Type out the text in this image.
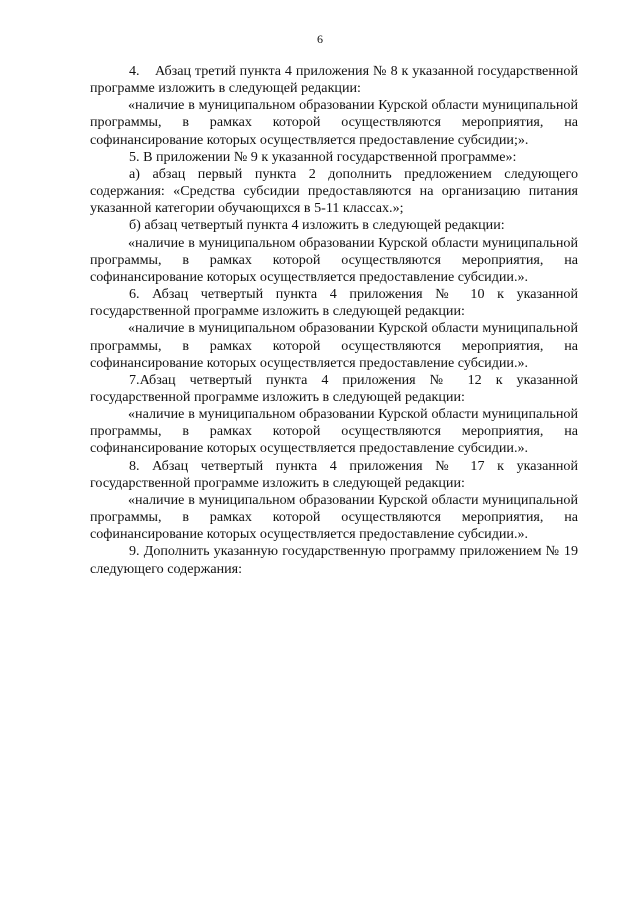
6

4.    Абзац третий пункта 4 приложения № 8 к указанной государственной программе изложить в следующей редакции:

«наличие в муниципальном образовании Курской области муниципальной программы, в рамках которой осуществляются мероприятия, на софинансирование которых осуществляется предоставление субсидии;».

5. В приложении № 9 к указанной государственной программе»:

а) абзац первый пункта 2 дополнить предложением следующего содержания: «Средства субсидии предоставляются на организацию питания указанной категории обучающихся в 5-11 классах.»;

б) абзац четвертый пункта 4 изложить в следующей редакции:

«наличие в муниципальном образовании Курской области муниципальной программы, в рамках которой осуществляются мероприятия, на софинансирование которых осуществляется предоставление субсидии.».

6. Абзац четвертый пункта 4 приложения № 10 к указанной государственной программе изложить в следующей редакции:

«наличие в муниципальном образовании Курской области муниципальной программы, в рамках которой осуществляются мероприятия, на софинансирование которых осуществляется предоставление субсидии.».

7.Абзац четвертый пункта 4 приложения № 12 к указанной государственной программе изложить в следующей редакции:

«наличие в муниципальном образовании Курской области муниципальной программы, в рамках которой осуществляются мероприятия, на софинансирование которых осуществляется предоставление субсидии.».

8. Абзац четвертый пункта 4 приложения № 17 к указанной государственной программе изложить в следующей редакции:

«наличие в муниципальном образовании Курской области муниципальной программы, в рамках которой осуществляются мероприятия, на софинансирование которых осуществляется предоставление субсидии.».

9. Дополнить указанную государственную программу приложением № 19 следующего содержания:
